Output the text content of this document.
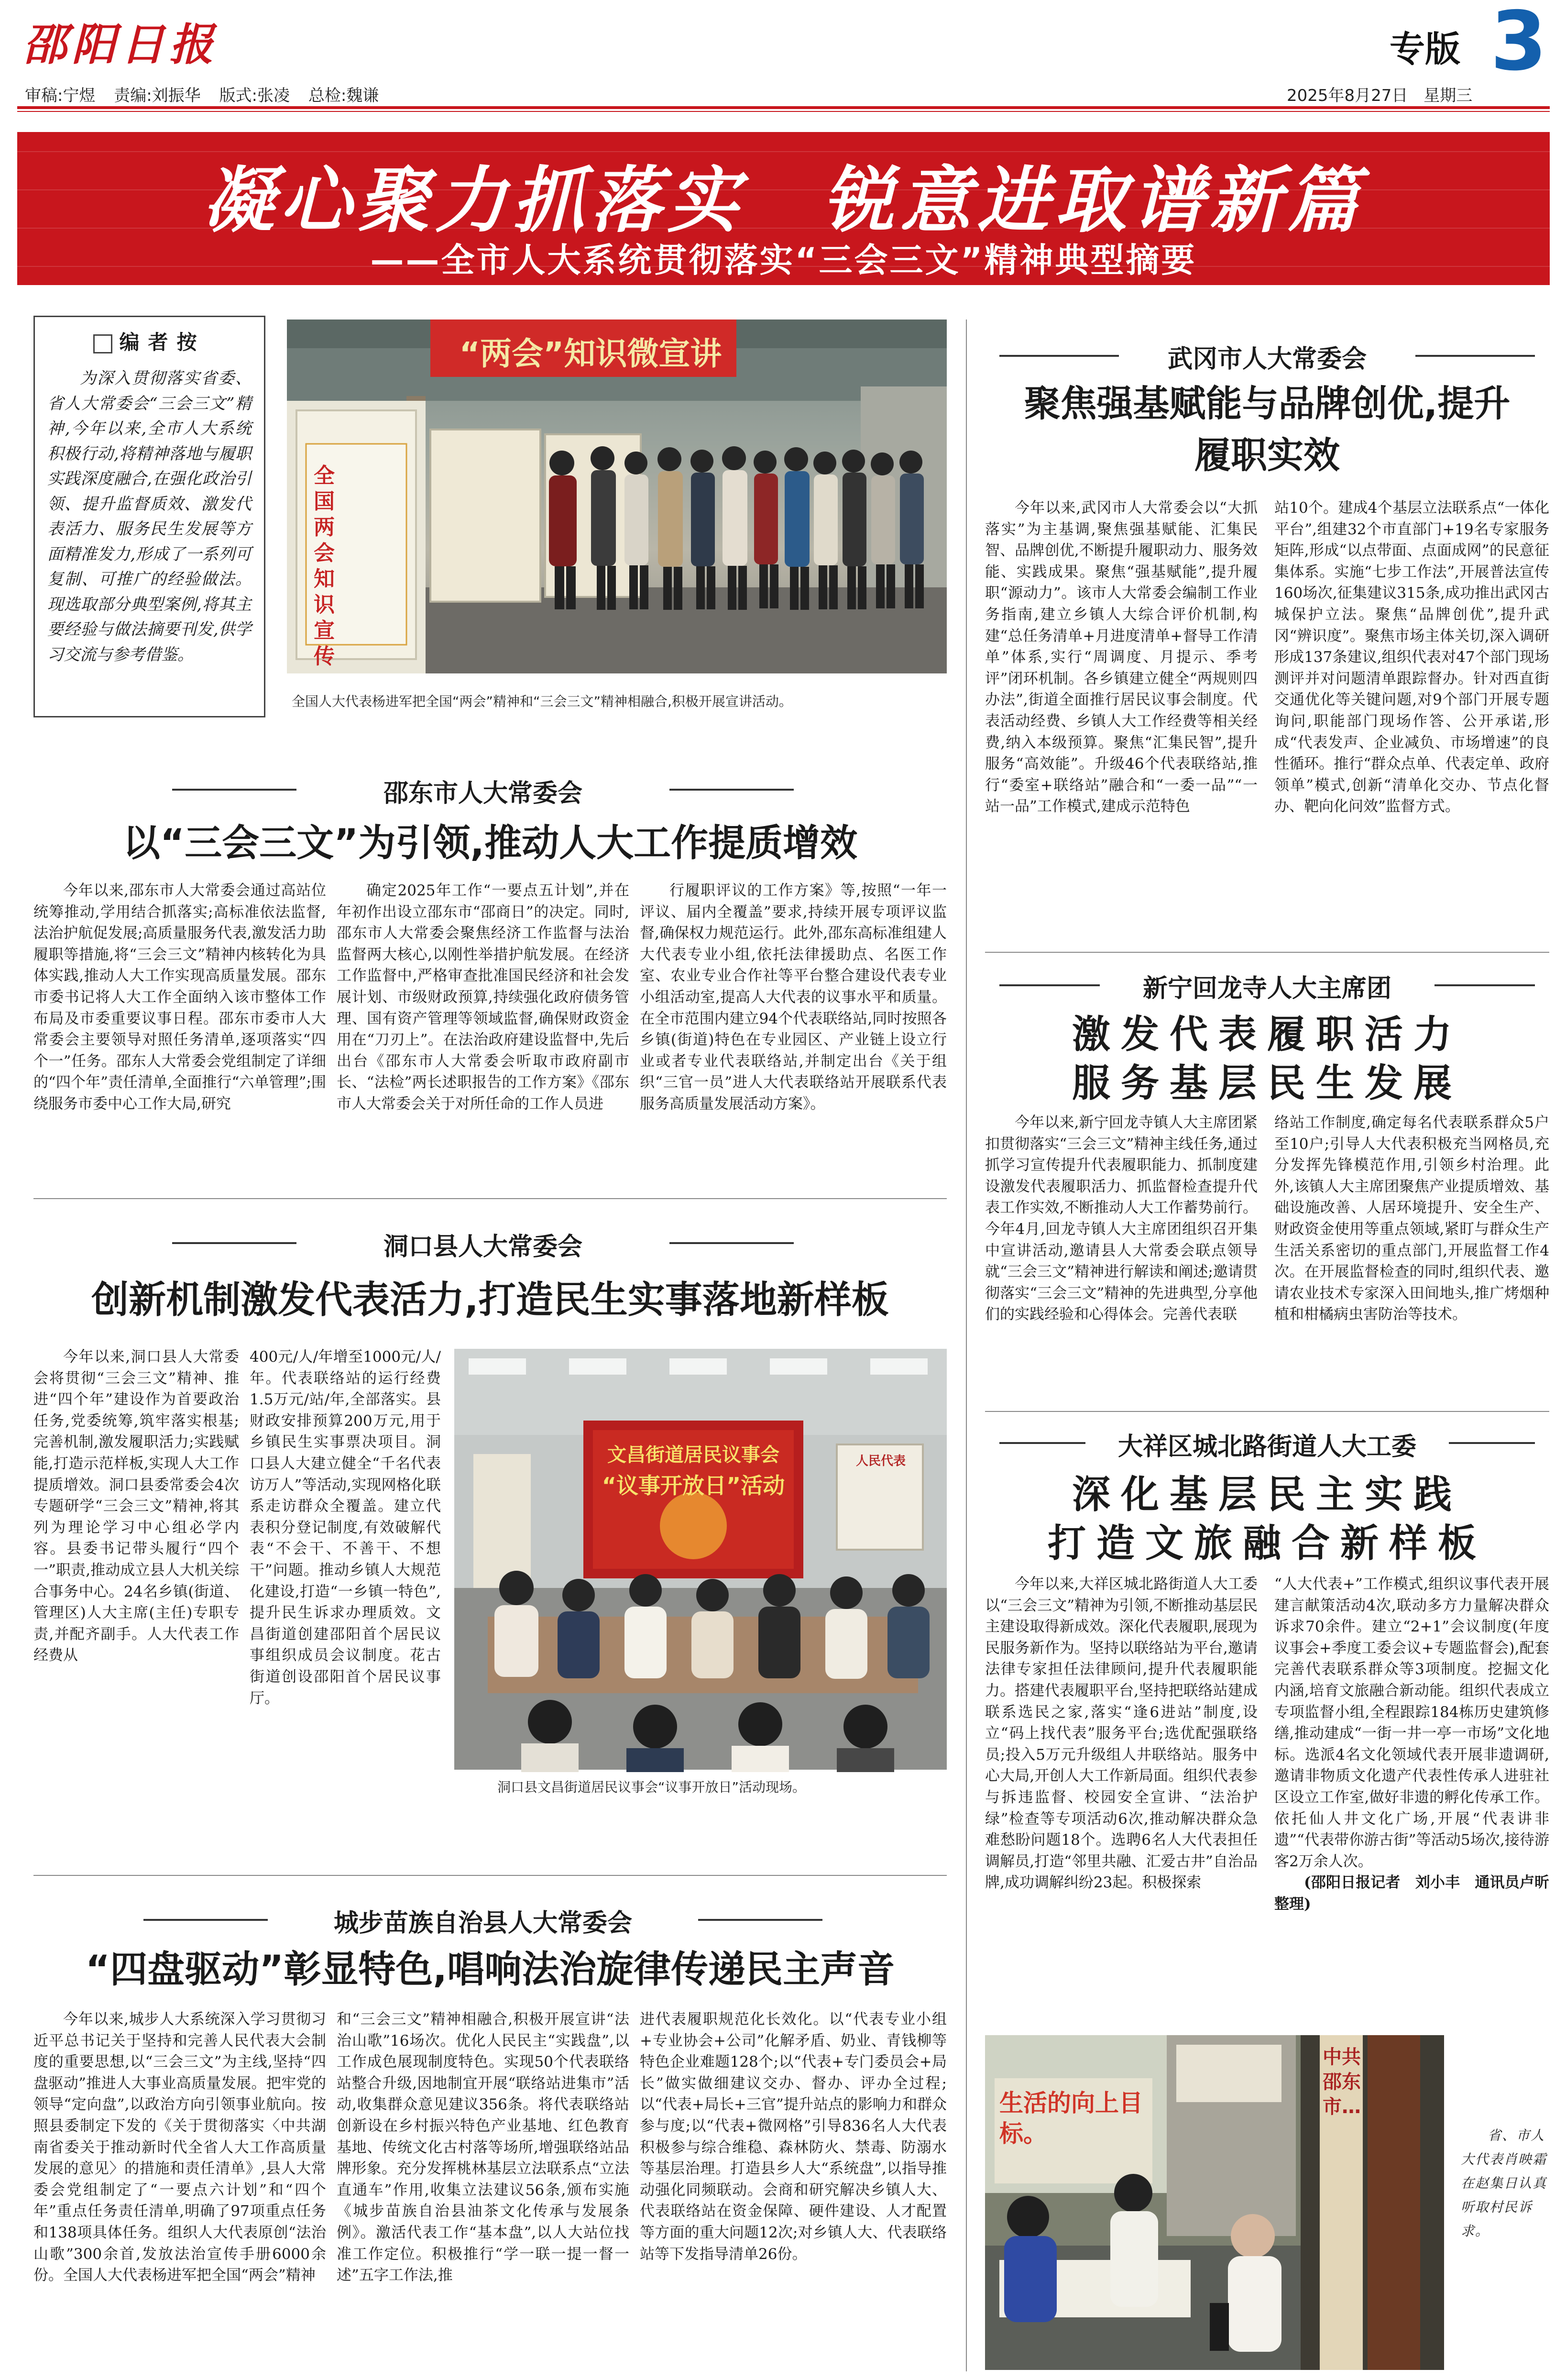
邵阳日报	专版 3
审稿:宁煜 责编:刘振华 版式:张凌 总检:魏谦	2025年8月27日 星期三
凝心聚力抓落实　锐意进取谱新篇
——全市人大系统贯彻落实“三会三文”精神典型摘要
编者按
为深入贯彻落实省委、省人大常委会“三会三文”精神,今年以来,全市人大系统积极行动,将精神落地与履职实践深度融合,在强化政治引领、提升监督质效、激发代表活力、服务民生发展等方面精准发力,形成了一系列可复制、可推广的经验做法。现选取部分典型案例,将其主要经验与做法摘要刊发,供学习交流与参考借鉴。
“两会”知识微宣讲
全国两会知识宣传
全国人大代表杨进军把全国“两会”精神和“三会三文”精神相融合,积极开展宣讲活动。
邵东市人大常委会
以“三会三文”为引领,推动人大工作提质增效

今年以来,邵东市人大常委会通过高站位统筹推动,学用结合抓落实;高标准依法监督,法治护航促发展;高质量服务代表,激发活力助履职等措施,将“三会三文”精神内核转化为具体实践,推动人大工作实现高质量发展。邵东市委书记将人大工作全面纳入该市整体工作布局及市委重要议事日程。邵东市委市人大常委会主要领导对照任务清单,逐项落实“四个一”任务。邵东人大常委会党组制定了详细的“四个年”责任清单,全面推行“六单管理”;围绕服务市委中心工作大局,研究

确定2025年工作“一要点五计划”,并在年初作出设立邵东市“邵商日”的决定。同时,邵东市人大常委会聚焦经济工作监督与法治监督两大核心,以刚性举措护航发展。在经济工作监督中,严格审查批准国民经济和社会发展计划、市级财政预算,持续强化政府债务管理、国有资产管理等领域监督,确保财政资金用在“刀刃上”。在法治政府建设监督中,先后出台《邵东市人大常委会听取市政府副市长、“法检”两长述职报告的工作方案》《邵东市人大常委会关于对所任命的工作人员进

行履职评议的工作方案》等,按照“一年一评议、届内全覆盖”要求,持续开展专项评议监督,确保权力规范运行。此外,邵东高标准组建人大代表专业小组,依托法律援助点、名医工作室、农业专业合作社等平台整合建设代表专业小组活动室,提高人大代表的议事水平和质量。在全市范围内建立94个代表联络站,同时按照各乡镇(街道)特色在专业园区、产业链上设立行业或者专业代表联络站,并制定出台《关于组织“三官一员”进人大代表联络站开展联系代表服务高质量发展活动方案》。

洞口县人大常委会
创新机制激发代表活力,打造民生实事落地新样板

今年以来,洞口县人大常委会将贯彻“三会三文”精神、推进“四个年”建设作为首要政治任务,党委统筹,筑牢落实根基;完善机制,激发履职活力;实践赋能,打造示范样板,实现人大工作提质增效。洞口县委常委会4次专题研学“三会三文”精神,将其列为理论学习中心组必学内容。县委书记带头履行“四个一”职责,推动成立县人大机关综合事务中心。24名乡镇(街道、管理区)人大主席(主任)专职专责,并配齐副手。人大代表工作经费从

400元/人/年增至1000元/人/年。代表联络站的运行经费1.5万元/站/年,全部落实。县财政安排预算200万元,用于乡镇民生实事票决项目。洞口县人大建立健全“千名代表访万人”等活动,实现网格化联系走访群众全覆盖。建立代表积分登记制度,有效破解代表“不会干、不善干、不想干”问题。推动乡镇人大规范化建设,打造“一乡镇一特色”,提升民生诉求办理质效。文昌街道创建邵阳首个居民议事组织成员会议制度。花古街道创设邵阳首个居民议事厅。

文昌街道居民议事会
“议事开放日”活动
人民代表
洞口县文昌街道居民议事会“议事开放日”活动现场。
城步苗族自治县人大常委会
“四盘驱动”彰显特色,唱响法治旋律传递民主声音

今年以来,城步人大系统深入学习贯彻习近平总书记关于坚持和完善人民代表大会制度的重要思想,以“三会三文”为主线,坚持“四盘驱动”推进人大事业高质量发展。把牢党的领导“定向盘”,以政治方向引领事业航向。按照县委制定下发的《关于贯彻落实〈中共湖南省委关于推动新时代全省人大工作高质量发展的意见〉的措施和责任清单》,县人大常委会党组制定了“一要点六计划”和“四个年”重点任务责任清单,明确了97项重点任务和138项具体任务。组织人大代表原创“法治山歌”300余首,发放法治宣传手册6000余份。全国人大代表杨进军把全国“两会”精神

和“三会三文”精神相融合,积极开展宣讲“法治山歌”16场次。优化人民民主“实践盘”,以工作成色展现制度特色。实现50个代表联络站整合升级,因地制宜开展“联络站进集市”活动,收集群众意见建议356条。将代表联络站创新设在乡村振兴特色产业基地、红色教育基地、传统文化古村落等场所,增强联络站品牌形象。充分发挥桃林基层立法联系点“立法直通车”作用,收集立法建议56条,颁布实施《城步苗族自治县油茶文化传承与发展条例》。激活代表工作“基本盘”,以人大站位找准工作定位。积极推行“学一联一提一督一述”五字工作法,推

进代表履职规范化长效化。以“代表专业小组+专业协会+公司”化解矛盾、奶业、青钱柳等特色企业难题128个;以“代表+专门委员会+局长”做实做细建议交办、督办、评办全过程;以“代表+局长+三官”提升站点的影响力和群众参与度;以“代表+微网格”引导836名人大代表积极参与综合维稳、森林防火、禁毒、防溺水等基层治理。打造县乡人大“系统盘”,以指导推动强化同频联动。会商和研究解决乡镇人大、代表联络站在资金保障、硬件建设、人才配置等方面的重大问题12次;对乡镇人大、代表联络站等下发指导清单26份。

武冈市人大常委会
聚焦强基赋能与品牌创优,提升履职实效

今年以来,武冈市人大常委会以“大抓落实”为主基调,聚焦强基赋能、汇集民智、品牌创优,不断提升履职动力、服务效能、实践成果。聚焦“强基赋能”,提升履职“源动力”。该市人大常委会编制工作业务指南,建立乡镇人大综合评价机制,构建“总任务清单+月进度清单+督导工作清单”体系,实行“周调度、月提示、季考评”闭环机制。各乡镇建立健全“两规则四办法”,街道全面推行居民议事会制度。代表活动经费、乡镇人大工作经费等相关经费,纳入本级预算。聚焦“汇集民智”,提升服务“高效能”。升级46个代表联络站,推行“委室+联络站”融合和“一委一品”“一站一品”工作模式,建成示范特色

站10个。建成4个基层立法联系点“一体化平台”,组建32个市直部门+19名专家服务矩阵,形成“以点带面、点面成网”的民意征集体系。实施“七步工作法”,开展普法宣传160场次,征集建议315条,成功推出武冈古城保护立法。聚焦“品牌创优”,提升武冈“辨识度”。聚焦市场主体关切,深入调研形成137条建议,组织代表对47个部门现场测评并对问题清单跟踪督办。针对西直街交通优化等关键问题,对9个部门开展专题询问,职能部门现场作答、公开承诺,形成“代表发声、企业减负、市场增速”的良性循环。推行“群众点单、代表定单、政府领单”模式,创新“清单化交办、节点化督办、靶向化问效”监督方式。

新宁回龙寺人大主席团
激发代表履职活力
服务基层民生发展

今年以来,新宁回龙寺镇人大主席团紧扣贯彻落实“三会三文”精神主线任务,通过抓学习宣传提升代表履职能力、抓制度建设激发代表履职活力、抓监督检查提升代表工作实效,不断推动人大工作蓄势前行。今年4月,回龙寺镇人大主席团组织召开集中宣讲活动,邀请县人大常委会联点领导就“三会三文”精神进行解读和阐述;邀请贯彻落实“三会三文”精神的先进典型,分享他们的实践经验和心得体会。完善代表联

络站工作制度,确定每名代表联系群众5户至10户;引导人大代表积极充当网格员,充分发挥先锋模范作用,引领乡村治理。此外,该镇人大主席团聚焦产业提质增效、基础设施改善、人居环境提升、安全生产、财政资金使用等重点领域,紧盯与群众生产生活关系密切的重点部门,开展监督工作4次。在开展监督检查的同时,组织代表、邀请农业技术专家深入田间地头,推广烤烟种植和柑橘病虫害防治等技术。

大祥区城北路街道人大工委
深化基层民主实践
打造文旅融合新样板

今年以来,大祥区城北路街道人大工委以“三会三文”精神为引领,不断推动基层民主建设取得新成效。深化代表履职,展现为民服务新作为。坚持以联络站为平台,邀请法律专家担任法律顾问,提升代表履职能力。搭建代表履职平台,坚持把联络站建成联系选民之家,落实“逢6进站”制度,设立“码上找代表”服务平台;选优配强联络员;投入5万元升级组人井联络站。服务中心大局,开创人大工作新局面。组织代表参与拆违监督、校园安全宣讲、“法治护绿”检查等专项活动6次,推动解决群众急难愁盼问题18个。选聘6名人大代表担任调解员,打造“邻里共融、汇爱古井”自治品牌,成功调解纠纷23起。积极探索

“人大代表+”工作模式,组织议事代表开展建言献策活动4次,联动多方力量解决群众诉求70余件。建立“2+1”会议制度(年度议事会+季度工委会议+专题监督会),配套完善代表联系群众等3项制度。挖掘文化内涵,培育文旅融合新动能。组织代表成立专项监督小组,全程跟踪184栋历史建筑修缮,推动建成“一街一井一亭一市场”文化地标。选派4名文化领域代表开展非遗调研,邀请非物质文化遗产代表性传承人进驻社区设立工作室,做好非遗的孵化传承工作。依托仙人井文化广场,开展“代表讲非遗”“代表带你游古街”等活动5场次,接待游客2万余人次。

(邵阳日报记者　刘小丰　通讯员卢昕　整理)

生活的向上目标。
中共邵东市…
省、市人大代表肖映霜在赵集日认真听取村民诉求。
